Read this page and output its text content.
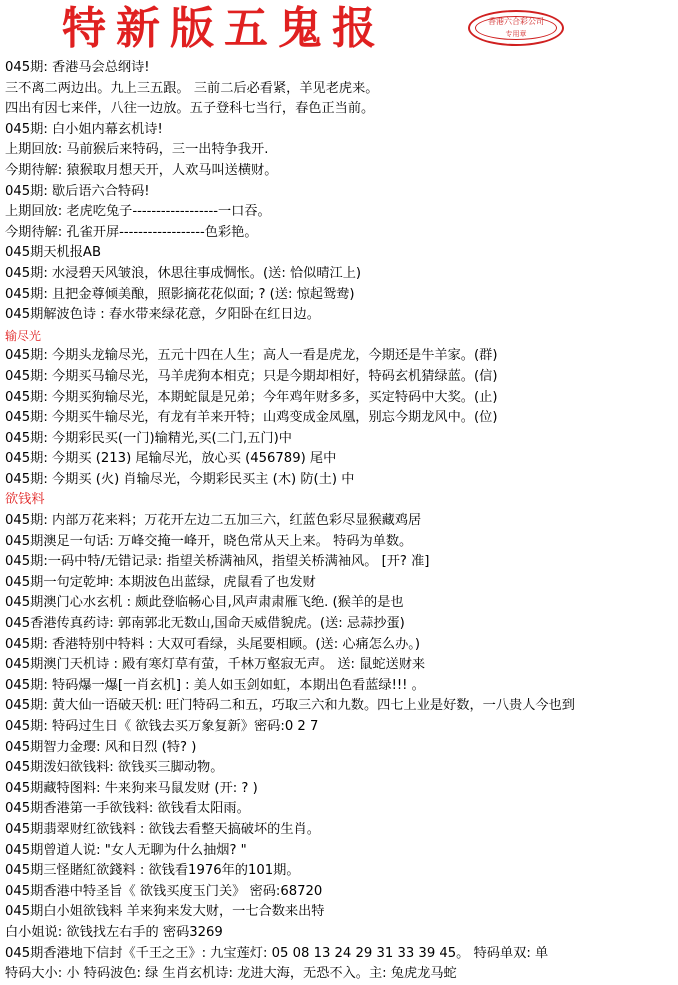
特新版五鬼报	香港六合彩公司
专用章
045期: 香港马会总纲诗!
三不离二两边出。九上三五跟。 三前二后必看紧，羊见老虎来。
四出有因七来伴，八往一边放。五子登科七当行，春色正当前。
045期: 白小姐内幕玄机诗!
上期回放: 马前猴后来特码，三一出特争我开.
今期待解: 猿猴取月想天开，人欢马叫送横财。
045期: 歇后语六合特码!
上期回放: 老虎吃兔子------------------一口吞。
今期待解: 孔雀开屏------------------色彩艳。
045期天机报AB
045期: 水浸碧天风皱浪，休思往事成惆怅。(送: 恰似晴江上)
045期: 且把金尊倾美酿，照影摘花花似面; ? (送: 惊起鸳鸯)
045期解波色诗 : 春水带来绿花意，夕阳卧在红日边。
输尽光
045期: 今期头龙输尽光，五元十四在人生；高人一看是虎龙，今期还是牛羊家。(群)
045期: 今期买马输尽光，马羊虎狗本相克；只是今期却相好，特码玄机猜绿蓝。(信)
045期: 今期买狗输尽光，本期蛇鼠是兄弟；今年鸡年财多多，买定特码中大奖。(止)
045期: 今期买牛输尽光，有龙有羊来开特；山鸡变成金凤凰，别忘今期龙风中。(位)
045期: 今期彩民买(一门)输精光,买(二门,五门)中
045期: 今期买 (213) 尾输尽光，放心买 (456789) 尾中
045期: 今期买 (火) 肖输尽光，今期彩民买主 (木) 防(土) 中
欲钱料
045期: 内部万花来料；万花开左边二五加三六，红蓝色彩尽显猴藏鸡居
045期澳足一句话: 万峰交掩一峰开，晓色常从天上来。 特码为单数。
045期:一码中特/无错记录: 指望关桥满袖风，指望关桥满袖风。 [开? 准]
045期一句定乾坤: 本期波色出蓝绿，虎鼠看了也发财
045期澳门心水玄机 : 颇此登临畅心目,风声肃肃雁飞绝. (猴羊的是也
045香港传真药诗: 郭南郭北无数山,国命天威借貌虎。(送: 忌蒜抄蛋)
045期: 香港特别中特料 : 大双可看绿，头尾要相顾。(送: 心痛怎么办。)
045期澳门天机诗 : 殿有寒灯草有萤，千林万壑寂无声。 送: 鼠蛇送财来
045期: 特码爆一爆[一肖玄机] : 美人如玉剑如虹，本期出色看蓝绿!!! 。
045期: 黄大仙一语破天机: 旺门特码二和五，巧取三六和九数。四七上业是好数，一八贵人今也到
045期: 特码过生日《 欲钱去买万象复新》密码:0 2 7
045期智力金璎: 风和日烈 (特? )
045期泼妇欲钱料: 欲钱买三脚动物。
045期藏特图料: 牛来狗来马鼠发财 (开: ? )
045期香港第一手欲钱料: 欲钱看太阳雨。
045期翡翠财红欲钱料 : 欲钱去看整天搞破坏的生肖。
045期曾道人说: "女人无聊为什么抽烟? "
045期三怪賭紅欲錢料 : 欲钱看1976年的101期。
045期香港中特圣旨《 欲钱买度玉门关》 密码:68720
045期白小姐欲钱料 羊来狗来发大财，一七合数来出特
白小姐说: 欲钱找左右手的 密码3269
045期香港地下信封《千王之王》: 九宝莲灯: 05 08 13 24 29 31 33 39 45。 特码单双: 单
特码大小: 小 特码波色: 绿 生肖玄机诗: 龙进大海，无恐不入。主: 兔虎龙马蛇
